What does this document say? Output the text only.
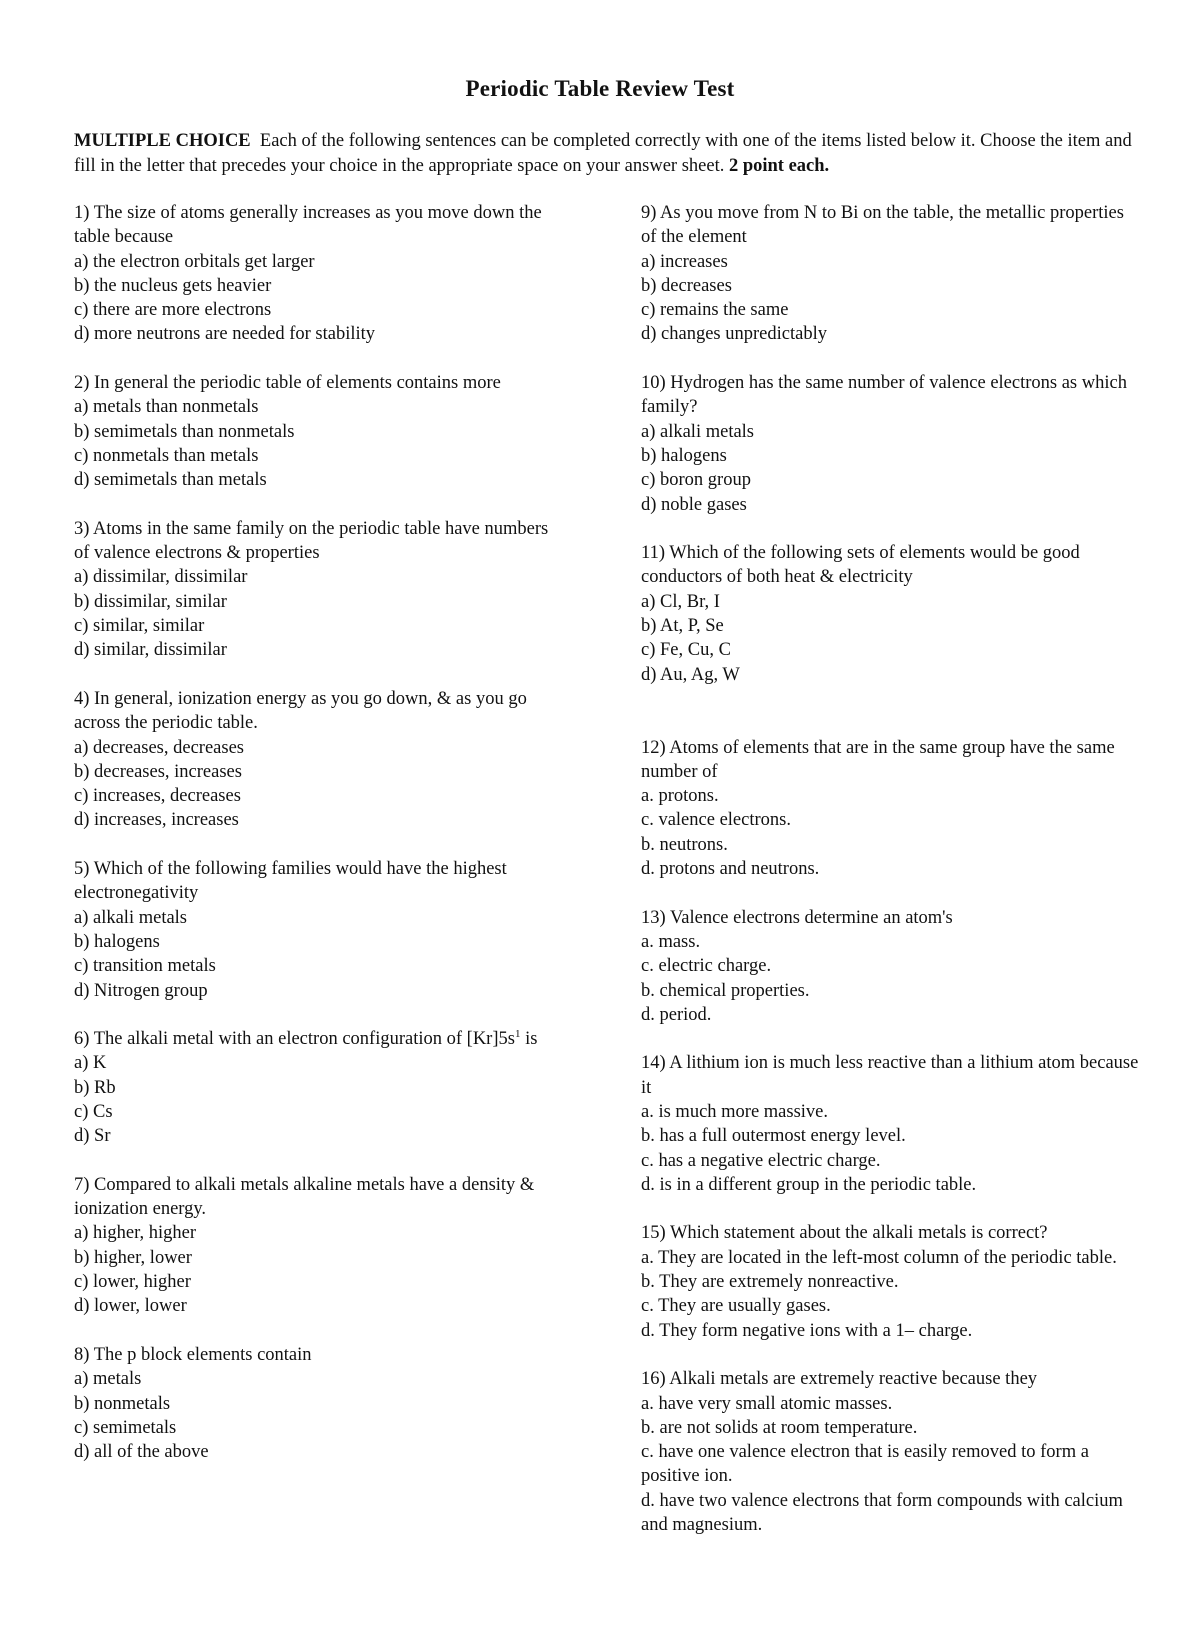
Periodic Table Review Test
MULTIPLE CHOICE Each of the following sentences can be completed correctly with one of the items listed below it. Choose the item and fill in the letter that precedes your choice in the appropriate space on your answer sheet. 2 point each.
1) The size of atoms generally increases as you move down the table because
a) the electron orbitals get larger
b) the nucleus gets heavier
c) there are more electrons
d) more neutrons are needed for stability
2) In general the periodic table of elements contains more
a) metals than nonmetals
b) semimetals than nonmetals
c) nonmetals than metals
d) semimetals than metals
3) Atoms in the same family on the periodic table have numbers of valence electrons & properties
a) dissimilar, dissimilar
b) dissimilar, similar
c) similar, similar
d) similar, dissimilar
4) In general, ionization energy as you go down, & as you go across the periodic table.
a) decreases, decreases
b) decreases, increases
c) increases, decreases
d) increases, increases
5) Which of the following families would have the highest electronegativity
a) alkali metals
b) halogens
c) transition metals
d) Nitrogen group
6) The alkali metal with an electron configuration of $[Kr]5s^1$ is
a) K
b) Rb
c) Cs
d) Sr
7) Compared to alkali metals alkaline metals have a density & ionization energy.
a) higher, higher
b) higher, lower
c) lower, higher
d) lower, lower
8) The p block elements contain
a) metals
b) nonmetals
c) semimetals
d) all of the above
9) As you move from N to Bi on the table, the metallic properties of the element
a) increases
b) decreases
c) remains the same
d) changes unpredictably
10) Hydrogen has the same number of valence electrons as which family?
a) alkali metals
b) halogens
c) boron group
d) noble gases
11) Which of the following sets of elements would be good conductors of both heat & electricity
a) Cl, Br, I
b) At, P, Se
c) Fe, Cu, C
d) Au, Ag, W
12) Atoms of elements that are in the same group have the same number of
a. protons.
c. valence electrons.
b. neutrons.
d. protons and neutrons.
13) Valence electrons determine an atom's
a. mass.
c. electric charge.
b. chemical properties.
d. period.
14) A lithium ion is much less reactive than a lithium atom because it
a. is much more massive.
b. has a full outermost energy level.
c. has a negative electric charge.
d. is in a different group in the periodic table.
15) Which statement about the alkali metals is correct?
a. They are located in the left-most column of the periodic table.
b. They are extremely nonreactive.
c. They are usually gases.
d. They form negative ions with a 1– charge.
16) Alkali metals are extremely reactive because they
a. have very small atomic masses.
b. are not solids at room temperature.
c. have one valence electron that is easily removed to form a positive ion.
d. have two valence electrons that form compounds with calcium and magnesium.
